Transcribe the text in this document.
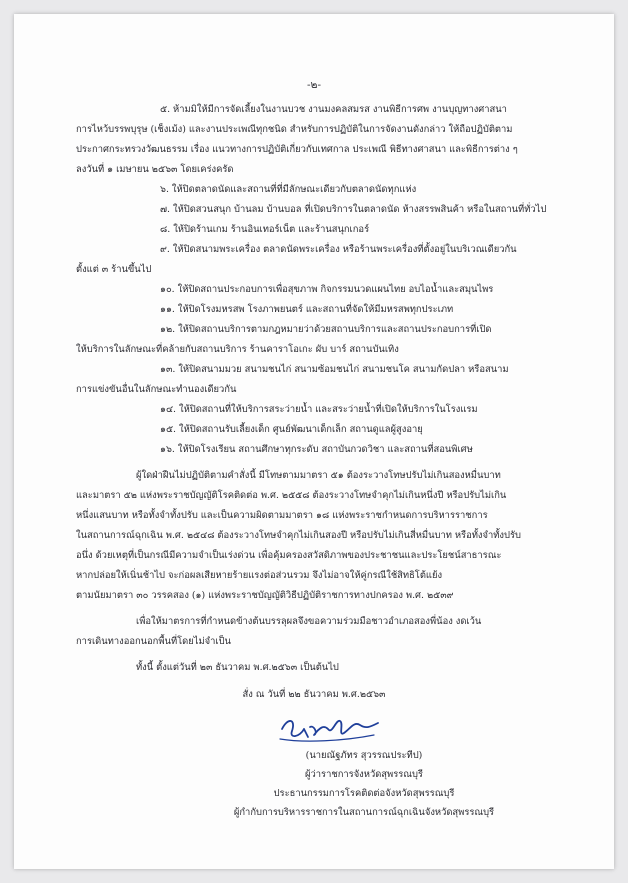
-๒-

๕. ห้ามมิให้มีการจัดเลี้ยงในงานบวช งานมงคลสมรส งานพิธีการศพ งานบุญทางศาสนา

การไหว้บรรพบุรุษ (เช็งเม้ง) และงานประเพณีทุกชนิด สำหรับการปฏิบัติในการจัดงานดังกล่าว ให้ถือปฏิบัติตาม

ประกาศกระทรวงวัฒนธรรม เรื่อง แนวทางการปฏิบัติเกี่ยวกับเทศกาล ประเพณี พิธีทางศาสนา และพิธีการต่าง ๆ

ลงวันที่ ๑ เมษายน ๒๕๖๓ โดยเคร่งครัด

๖. ให้ปิดตลาดนัดและสถานที่ที่มีลักษณะเดียวกับตลาดนัดทุกแห่ง

๗. ให้ปิดสวนสนุก บ้านลม บ้านบอล ที่เปิดบริการในตลาดนัด ห้างสรรพสินค้า หรือในสถานที่ทั่วไป

๘. ให้ปิดร้านเกม ร้านอินเทอร์เน็ต และร้านสนุกเกอร์

๙. ให้ปิดสนามพระเครื่อง ตลาดนัดพระเครื่อง หรือร้านพระเครื่องที่ตั้งอยู่ในบริเวณเดียวกัน

ตั้งแต่ ๓ ร้านขึ้นไป

๑๐. ให้ปิดสถานประกอบการเพื่อสุขภาพ กิจกรรมนวดแผนไทย อบไอน้ำและสมุนไพร

๑๑. ให้ปิดโรงมหรสพ โรงภาพยนตร์ และสถานที่จัดให้มีมหรสพทุกประเภท

๑๒. ให้ปิดสถานบริการตามกฎหมายว่าด้วยสถานบริการและสถานประกอบการที่เปิด

ให้บริการในลักษณะที่คล้ายกับสถานบริการ ร้านคาราโอเกะ ผับ บาร์ สถานบันเทิง

๑๓. ให้ปิดสนามมวย สนามชนไก่ สนามซ้อมชนไก่ สนามชนโค สนามกัดปลา หรือสนาม

การแข่งขันอื่นในลักษณะทำนองเดียวกัน

๑๔. ให้ปิดสถานที่ให้บริการสระว่ายน้ำ และสระว่ายน้ำที่เปิดให้บริการในโรงแรม

๑๕. ให้ปิดสถานรับเลี้ยงเด็ก ศูนย์พัฒนาเด็กเล็ก สถานดูแลผู้สูงอายุ

๑๖. ให้ปิดโรงเรียน สถานศึกษาทุกระดับ สถาบันกวดวิชา และสถานที่สอนพิเศษ

ผู้ใดฝ่าฝืนไม่ปฏิบัติตามคำสั่งนี้ มีโทษตามมาตรา ๕๑ ต้องระวางโทษปรับไม่เกินสองหมื่นบาท

และมาตรา ๕๒ แห่งพระราชบัญญัติโรคติดต่อ พ.ศ. ๒๕๕๘ ต้องระวางโทษจำคุกไม่เกินหนึ่งปี หรือปรับไม่เกิน

หนึ่งแสนบาท หรือทั้งจำทั้งปรับ และเป็นความผิดตามมาตรา ๑๘ แห่งพระราชกำหนดการบริหารราชการ

ในสถานการณ์ฉุกเฉิน พ.ศ. ๒๕๔๘ ต้องระวางโทษจำคุกไม่เกินสองปี หรือปรับไม่เกินสี่หมื่นบาท หรือทั้งจำทั้งปรับ

อนึ่ง ด้วยเหตุที่เป็นกรณีมีความจำเป็นเร่งด่วน เพื่อคุ้มครองสวัสดิภาพของประชาชนและประโยชน์สาธารณะ

หากปล่อยให้เนิ่นช้าไป จะก่อผลเสียหายร้ายแรงต่อส่วนรวม จึงไม่อาจให้คู่กรณีใช้สิทธิโต้แย้ง

ตามนัยมาตรา ๓๐ วรรคสอง (๑) แห่งพระราชบัญญัติวิธีปฏิบัติราชการทางปกครอง พ.ศ. ๒๕๓๙

เพื่อให้มาตรการที่กำหนดข้างต้นบรรลุผลจึงขอความร่วมมือชาวอำเภอสองพี่น้อง งดเว้น

การเดินทางออกนอกพื้นที่โดยไม่จำเป็น

ทั้งนี้ ตั้งแต่วันที่ ๒๓ ธันวาคม พ.ศ.๒๕๖๓ เป็นต้นไป

สั่ง ณ วันที่ ๒๒ ธันวาคม พ.ศ.๒๕๖๓

(นายณัฐภัทร สุวรรณประทีป)

ผู้ว่าราชการจังหวัดสุพรรณบุรี

ประธานกรรมการโรคติดต่อจังหวัดสุพรรณบุรี

ผู้กำกับการบริหารราชการในสถานการณ์ฉุกเฉินจังหวัดสุพรรณบุรี
